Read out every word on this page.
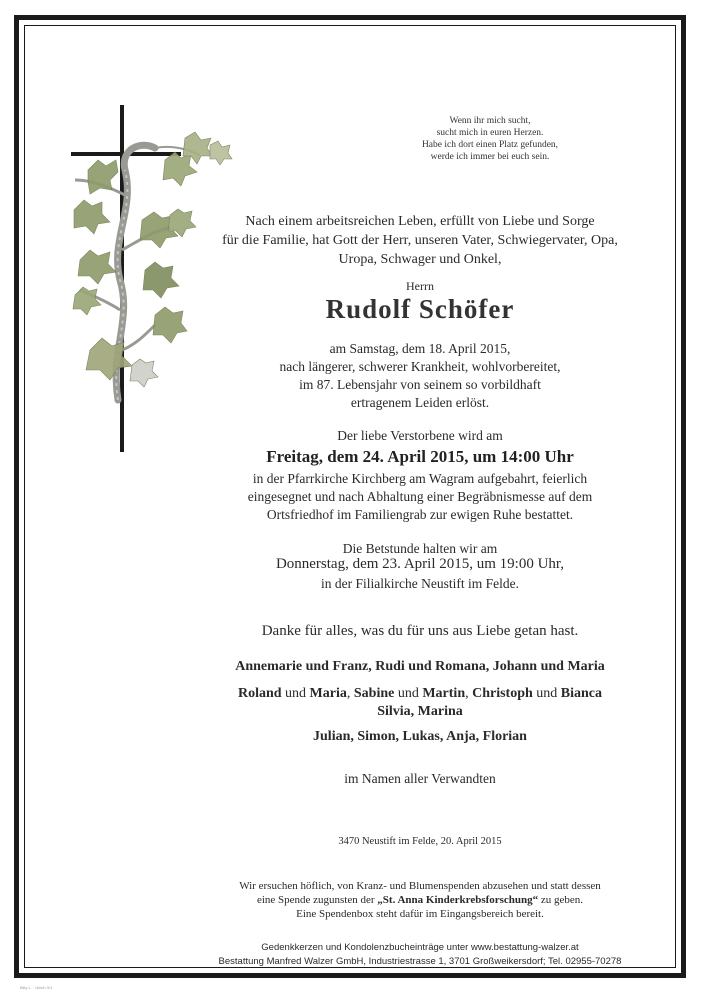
Wenn ihr mich sucht,
sucht mich in euren Herzen.
Habe ich dort einen Platz gefunden,
werde ich immer bei euch sein.
Nach einem arbeitsreichen Leben, erfüllt von Liebe und Sorge
für die Familie, hat Gott der Herr, unseren Vater, Schwiegervater, Opa,
Uropa, Schwager und Onkel,
Herrn
Rudolf Schöfer
am Samstag, dem 18. April 2015,
nach längerer, schwerer Krankheit, wohlvorbereitet,
im 87. Lebensjahr von seinem so vorbildhaft
ertragenem Leiden erlöst.
Der liebe Verstorbene wird am
Freitag, dem 24. April 2015, um 14:00 Uhr
in der Pfarrkirche Kirchberg am Wagram aufgebahrt, feierlich
eingesegnet und nach Abhaltung einer Begräbnismesse auf dem
Ortsfriedhof im Familiengrab zur ewigen Ruhe bestattet.
Die Betstunde halten wir am
Donnerstag, dem 23. April 2015, um 19:00 Uhr,
in der Filialkirche Neustift im Felde.
Danke für alles, was du für uns aus Liebe getan hast.
Annemarie und Franz, Rudi und Romana, Johann und Maria
Roland und Maria, Sabine und Martin, Christoph und Bianca
Silvia, Marina
Julian, Simon, Lukas, Anja, Florian
im Namen aller Verwandten
3470 Neustift im Felde, 20. April 2015
Wir ersuchen höflich, von Kranz- und Blumenspenden abzusehen und statt dessen
eine Spende zugunsten der „St. Anna Kinderkrebsforschung“ zu geben.
Eine Spendenbox steht dafür im Eingangsbereich bereit.
Gedenkkerzen und Kondolenzbucheinträge unter www.bestattung-walzer.at
Bestattung Manfred Walzer GmbH, Industriestrasse 1, 3701 Großweikersdorf; Tel. 02955-70278
Billy L. · Ulrich 3/1
